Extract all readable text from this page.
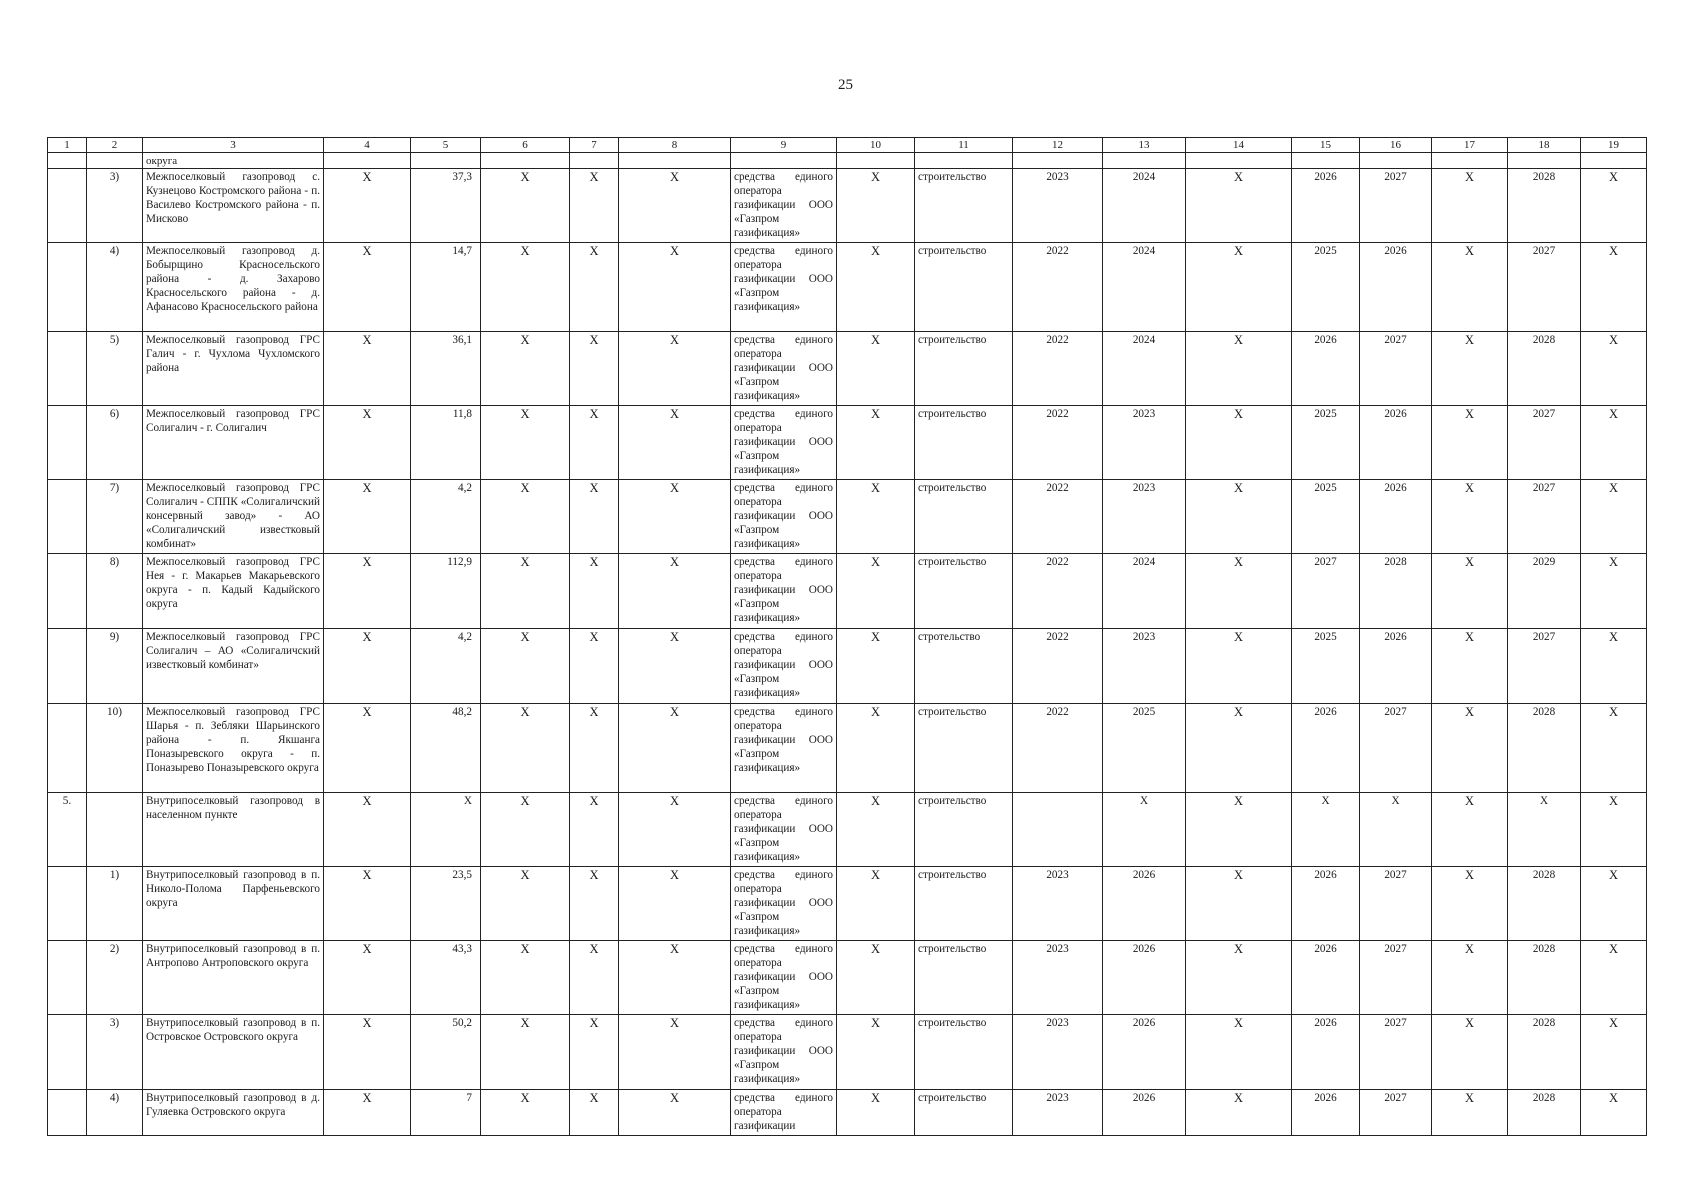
25
1	2	3	4	5	6	7	8	9	10	11	12	13	14	15	16	17	18	19
		округа																
	3)	Межпоселковый газопровод с. Кузнецово Костромского района - п. Василево Костромского района - п. Мисково	Х	37,3	Х	Х	Х	средства единого оператора газификации ООО «Газпром газификация»	Х	строительство	2023	2024	Х	2026	2027	Х	2028	Х
	4)	Межпоселковый газопровод д. Бобырщино Красносельского района - д. Захарово Красносельского района - д. Афанасово Красносельского района	Х	14,7	Х	Х	Х	средства единого оператора газификации ООО «Газпром газификация»	Х	строительство	2022	2024	Х	2025	2026	Х	2027	Х
	5)	Межпоселковый газопровод ГРС Галич - г. Чухлома Чухломского района	Х	36,1	Х	Х	Х	средства единого оператора газификации ООО «Газпром газификация»	Х	строительство	2022	2024	Х	2026	2027	Х	2028	Х
	6)	Межпоселковый газопровод ГРС Солигалич - г. Солигалич	Х	11,8	Х	Х	Х	средства единого оператора газификации ООО «Газпром газификация»	Х	строительство	2022	2023	Х	2025	2026	Х	2027	Х
	7)	Межпоселковый газопровод ГРС Солигалич - СППК «Солигаличский консервный завод» - АО «Солигаличский известковый комбинат»	Х	4,2	Х	Х	Х	средства единого оператора газификации ООО «Газпром газификация»	Х	строительство	2022	2023	Х	2025	2026	Х	2027	Х
	8)	Межпоселковый газопровод ГРС Нея - г. Макарьев Макарьевского округа - п. Кадый Кадыйского округа	Х	112,9	Х	Х	Х	средства единого оператора газификации ООО «Газпром газификация»	Х	строительство	2022	2024	Х	2027	2028	Х	2029	Х
	9)	Межпоселковый газопровод ГРС Солигалич – АО «Солигаличский известковый комбинат»	Х	4,2	Х	Х	Х	средства единого оператора газификации ООО «Газпром газификация»	Х	стротельство	2022	2023	Х	2025	2026	Х	2027	Х
	10)	Межпоселковый газопровод ГРС Шарья - п. Зебляки Шарьинского района - п. Якшанга Поназыревского округа - п. Поназырево Поназыревского округа	Х	48,2	Х	Х	Х	средства единого оператора газификации ООО «Газпром газификация»	Х	строительство	2022	2025	Х	2026	2027	Х	2028	Х
5.		Внутрипоселковый газопровод в населенном пункте	Х	Х	Х	Х	Х	средства единого оператора газификации ООО «Газпром газификация»	Х	строительство		Х	Х	Х	Х	Х	Х	Х
	1)	Внутрипоселковый газопровод в п. Николо-Полома Парфеньевского округа	Х	23,5	Х	Х	Х	средства единого оператора газификации ООО «Газпром газификация»	Х	строительство	2023	2026	Х	2026	2027	Х	2028	Х
	2)	Внутрипоселковый газопровод в п. Антропово Антроповского округа	Х	43,3	Х	Х	Х	средства единого оператора газификации ООО «Газпром газификация»	Х	строительство	2023	2026	Х	2026	2027	Х	2028	Х
	3)	Внутрипоселковый газопровод в п. Островское Островского округа	Х	50,2	Х	Х	Х	средства единого оператора газификации ООО «Газпром газификация»	Х	строительство	2023	2026	Х	2026	2027	Х	2028	Х
	4)	Внутрипоселковый газопровод в д. Гуляевка Островского округа	Х	7	Х	Х	Х	средства единого оператора газификации	Х	строительство	2023	2026	Х	2026	2027	Х	2028	Х
